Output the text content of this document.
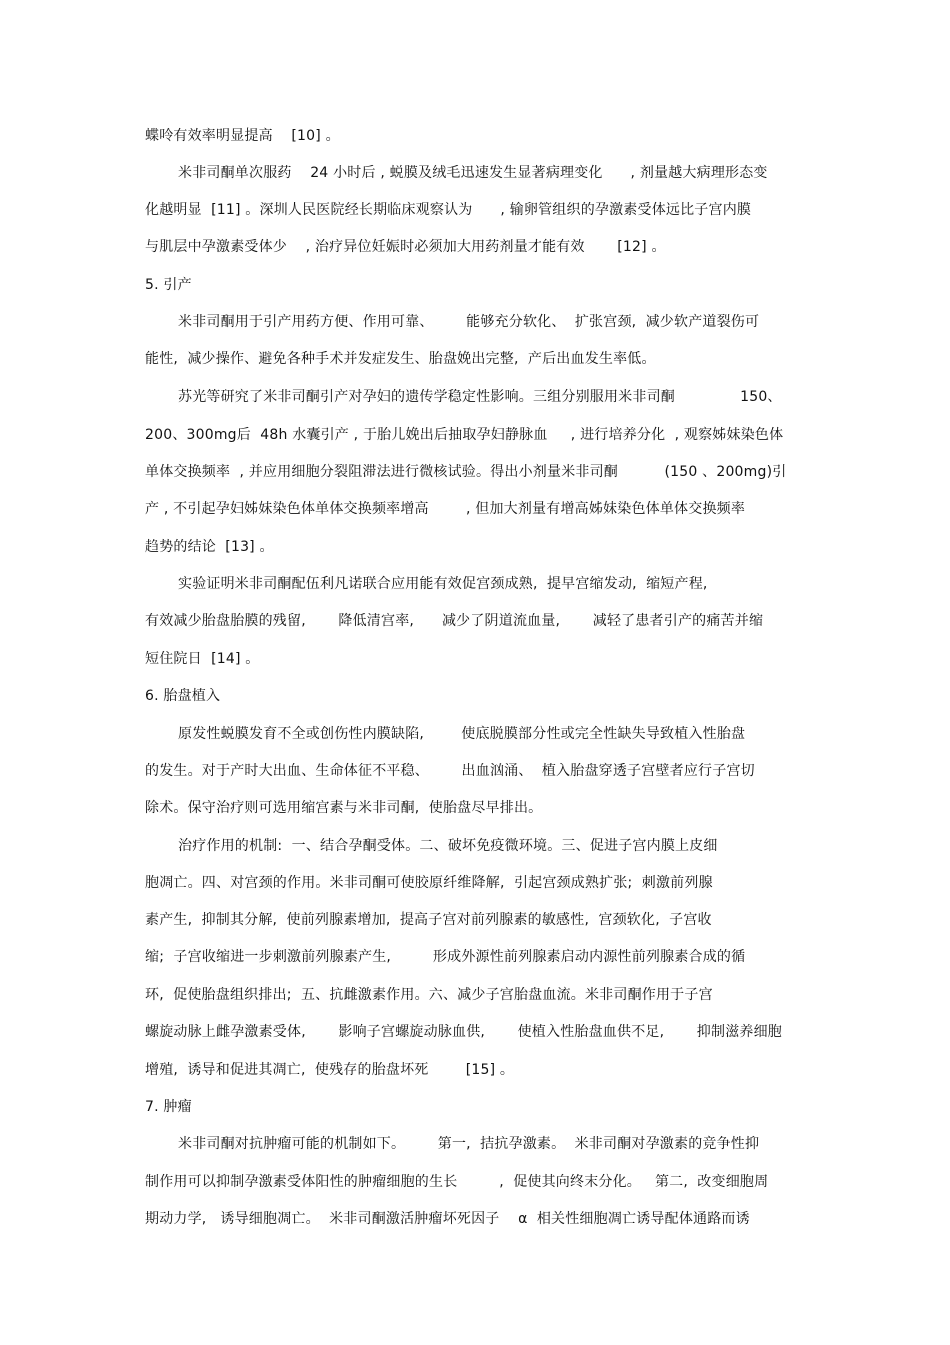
蝶呤有效率明显提高    [10] 。
米非司酮单次服药    24 小时后 , 蜕膜及绒毛迅速发生显著病理变化      , 剂量越大病理形态变
化越明显  [11] 。深圳人民医院经长期临床观察认为      , 输卵管组织的孕激素受体远比子宫内膜
与肌层中孕激素受体少    , 治疗异位妊娠时必须加大用药剂量才能有效       [12] 。
5. 引产
米非司酮用于引产用药方便、作用可靠、       能够充分软化、  扩张宫颈,  减少软产道裂伤可
能性,  减少操作、避免各种手术并发症发生、胎盘娩出完整,  产后出血发生率低。
苏光等研究了米非司酮引产对孕妇的遗传学稳定性影响。三组分别服用米非司酮              150、
200、300mg后  48h 水囊引产 , 于胎儿娩出后抽取孕妇静脉血     , 进行培养分化  , 观察姊妹染色体
单体交换频率  , 并应用细胞分裂阻滞法进行微核试验。得出小剂量米非司酮          (150 、200mg)引
产 , 不引起孕妇姊妹染色体单体交换频率增高        , 但加大剂量有增高姊妹染色体单体交换频率
趋势的结论  [13] 。
实验证明米非司酮配伍利凡诺联合应用能有效促宫颈成熟,  提早宫缩发动,  缩短产程,
有效减少胎盘胎膜的残留,       降低清宫率,      减少了阴道流血量,       减轻了患者引产的痛苦并缩
短住院日  [14] 。
6. 胎盘植入
原发性蜕膜发育不全或创伤性内膜缺陷,        使底脱膜部分性或完全性缺失导致植入性胎盘
的发生。对于产时大出血、生命体征不平稳、       出血汹涌、  植入胎盘穿透子宫壁者应行子宫切
除术。保守治疗则可选用缩宫素与米非司酮,  使胎盘尽早排出。
治疗作用的机制:  一、结合孕酮受体。二、破坏免疫微环境。三、促进子宫内膜上皮细
胞凋亡。四、对宫颈的作用。米非司酮可使胶原纤维降解,  引起宫颈成熟扩张;  刺激前列腺
素产生,  抑制其分解,  使前列腺素增加,  提高子宫对前列腺素的敏感性,  宫颈软化,  子宫收
缩;  子宫收缩进一步刺激前列腺素产生,         形成外源性前列腺素启动内源性前列腺素合成的循
环,  促使胎盘组织排出;  五、抗雌激素作用。六、减少子宫胎盘血流。米非司酮作用于子宫
螺旋动脉上雌孕激素受体,       影响子宫螺旋动脉血供,       使植入性胎盘血供不足,       抑制滋养细胞
增殖,  诱导和促进其凋亡,  使残存的胎盘坏死        [15] 。
7. 肿瘤
米非司酮对抗肿瘤可能的机制如下。       第一,  拮抗孕激素。  米非司酮对孕激素的竞争性抑
制作用可以抑制孕激素受体阳性的肿瘤细胞的生长         ,  促使其向终末分化。   第二,  改变细胞周
期动力学,   诱导细胞凋亡。  米非司酮激活肿瘤坏死因子    α  相关性细胞凋亡诱导配体通路而诱
